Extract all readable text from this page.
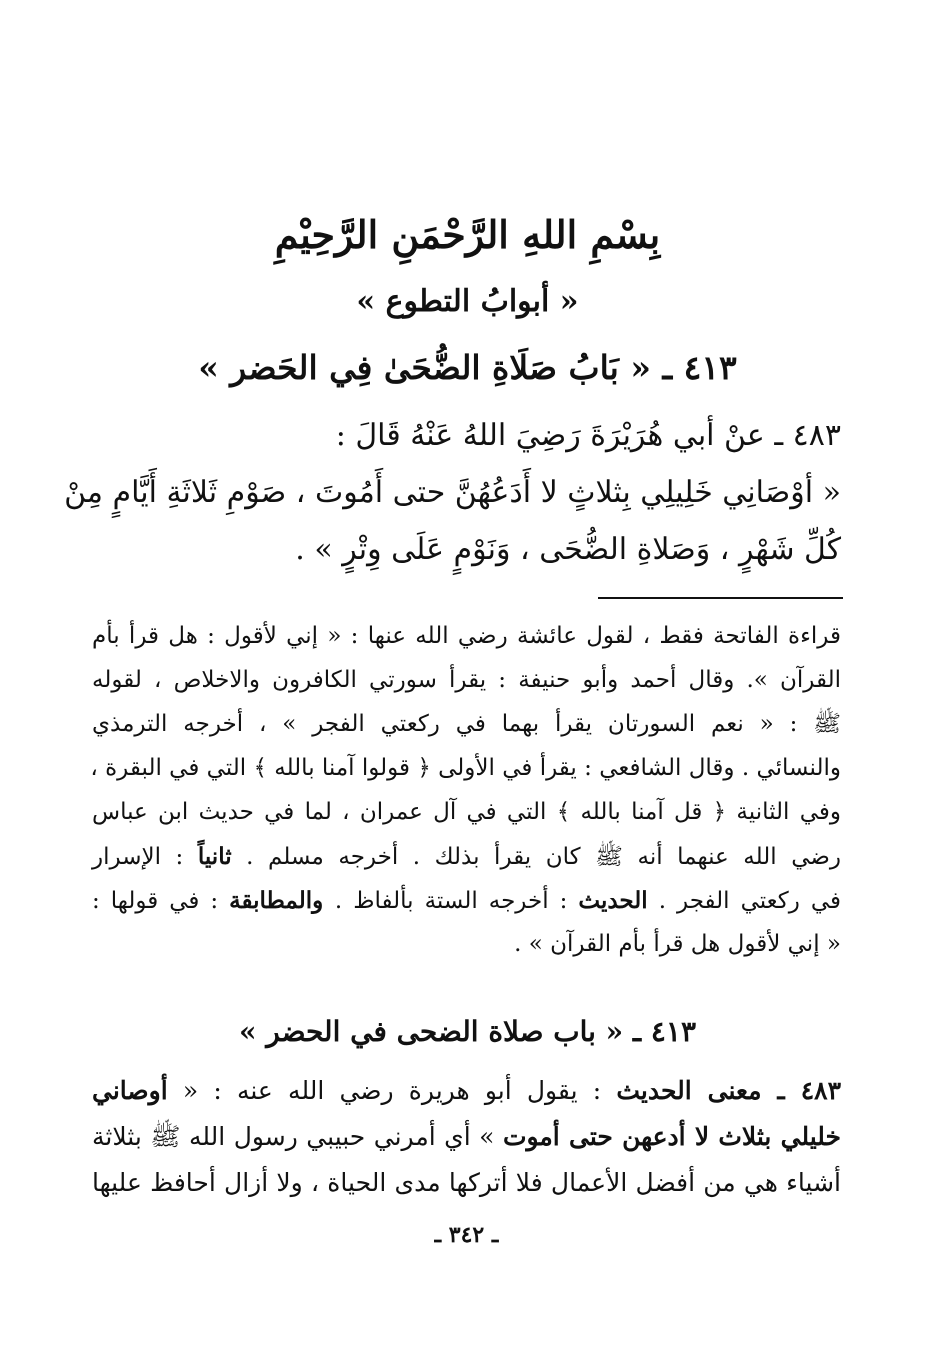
بِسْمِ اللهِ الرَّحْمَنِ الرَّحِيْمِ
« أبوابُ التطوع »
٤١٣ ـ « بَابُ صَلَاةِ الضُّحَىٰ فِي الحَضر »
٤٨٣ ـ عنْ أبي هُرَيْرَةَ رَضِيَ اللهُ عَنْهُ قَالَ :
« أوْصَانِي خَلِيلِي بِثلاثٍ لا أَدَعُهُنَّ حتى أَمُوتَ ، صَوْمِ ثَلاثَةِ أَيَّامٍ مِنْ
كُلِّ شَهْرٍ ، وَصَلاةِ الضُّحَى ، وَنَوْمٍ عَلَى وِتْرٍ » .
قراءة الفاتحة فقط ، لقول عائشة رضي الله عنها : « إني لأقول : هل قرأ بأم
القرآن ». وقال أحمد وأبو حنيفة : يقرأ سورتي الكافرون والاخلاص ، لقوله
ﷺ : « نعم السورتان يقرأ بهما في ركعتي الفجر » ، أخرجه الترمذي
والنسائي . وقال الشافعي : يقرأ في الأولى ﴿ قولوا آمنا بالله ﴾ التي في البقرة ،
وفي الثانية ﴿ قل آمنا بالله ﴾ التي في آل عمران ، لما في حديث ابن عباس
رضي الله عنهما أنه ﷺ كان يقرأ بذلك . أخرجه مسلم . ثانياً : الإسرار
في ركعتي الفجر . الحديث : أخرجه الستة بألفاظ . والمطابقة : في قولها :
« إني لأقول هل قرأ بأم القرآن » .
٤١٣ ـ « باب صلاة الضحى في الحضر »
٤٨٣ ـ معنى الحديث : يقول أبو هريرة رضي الله عنه : « أوصاني
خليلي بثلاث لا أدعهن حتى أموت » أي أمرني حبيبي رسول الله ﷺ بثلاثة
أشياء هي من أفضل الأعمال فلا أتركها مدى الحياة ، ولا أزال أحافظ عليها
ـ ٣٤٢ ـ
